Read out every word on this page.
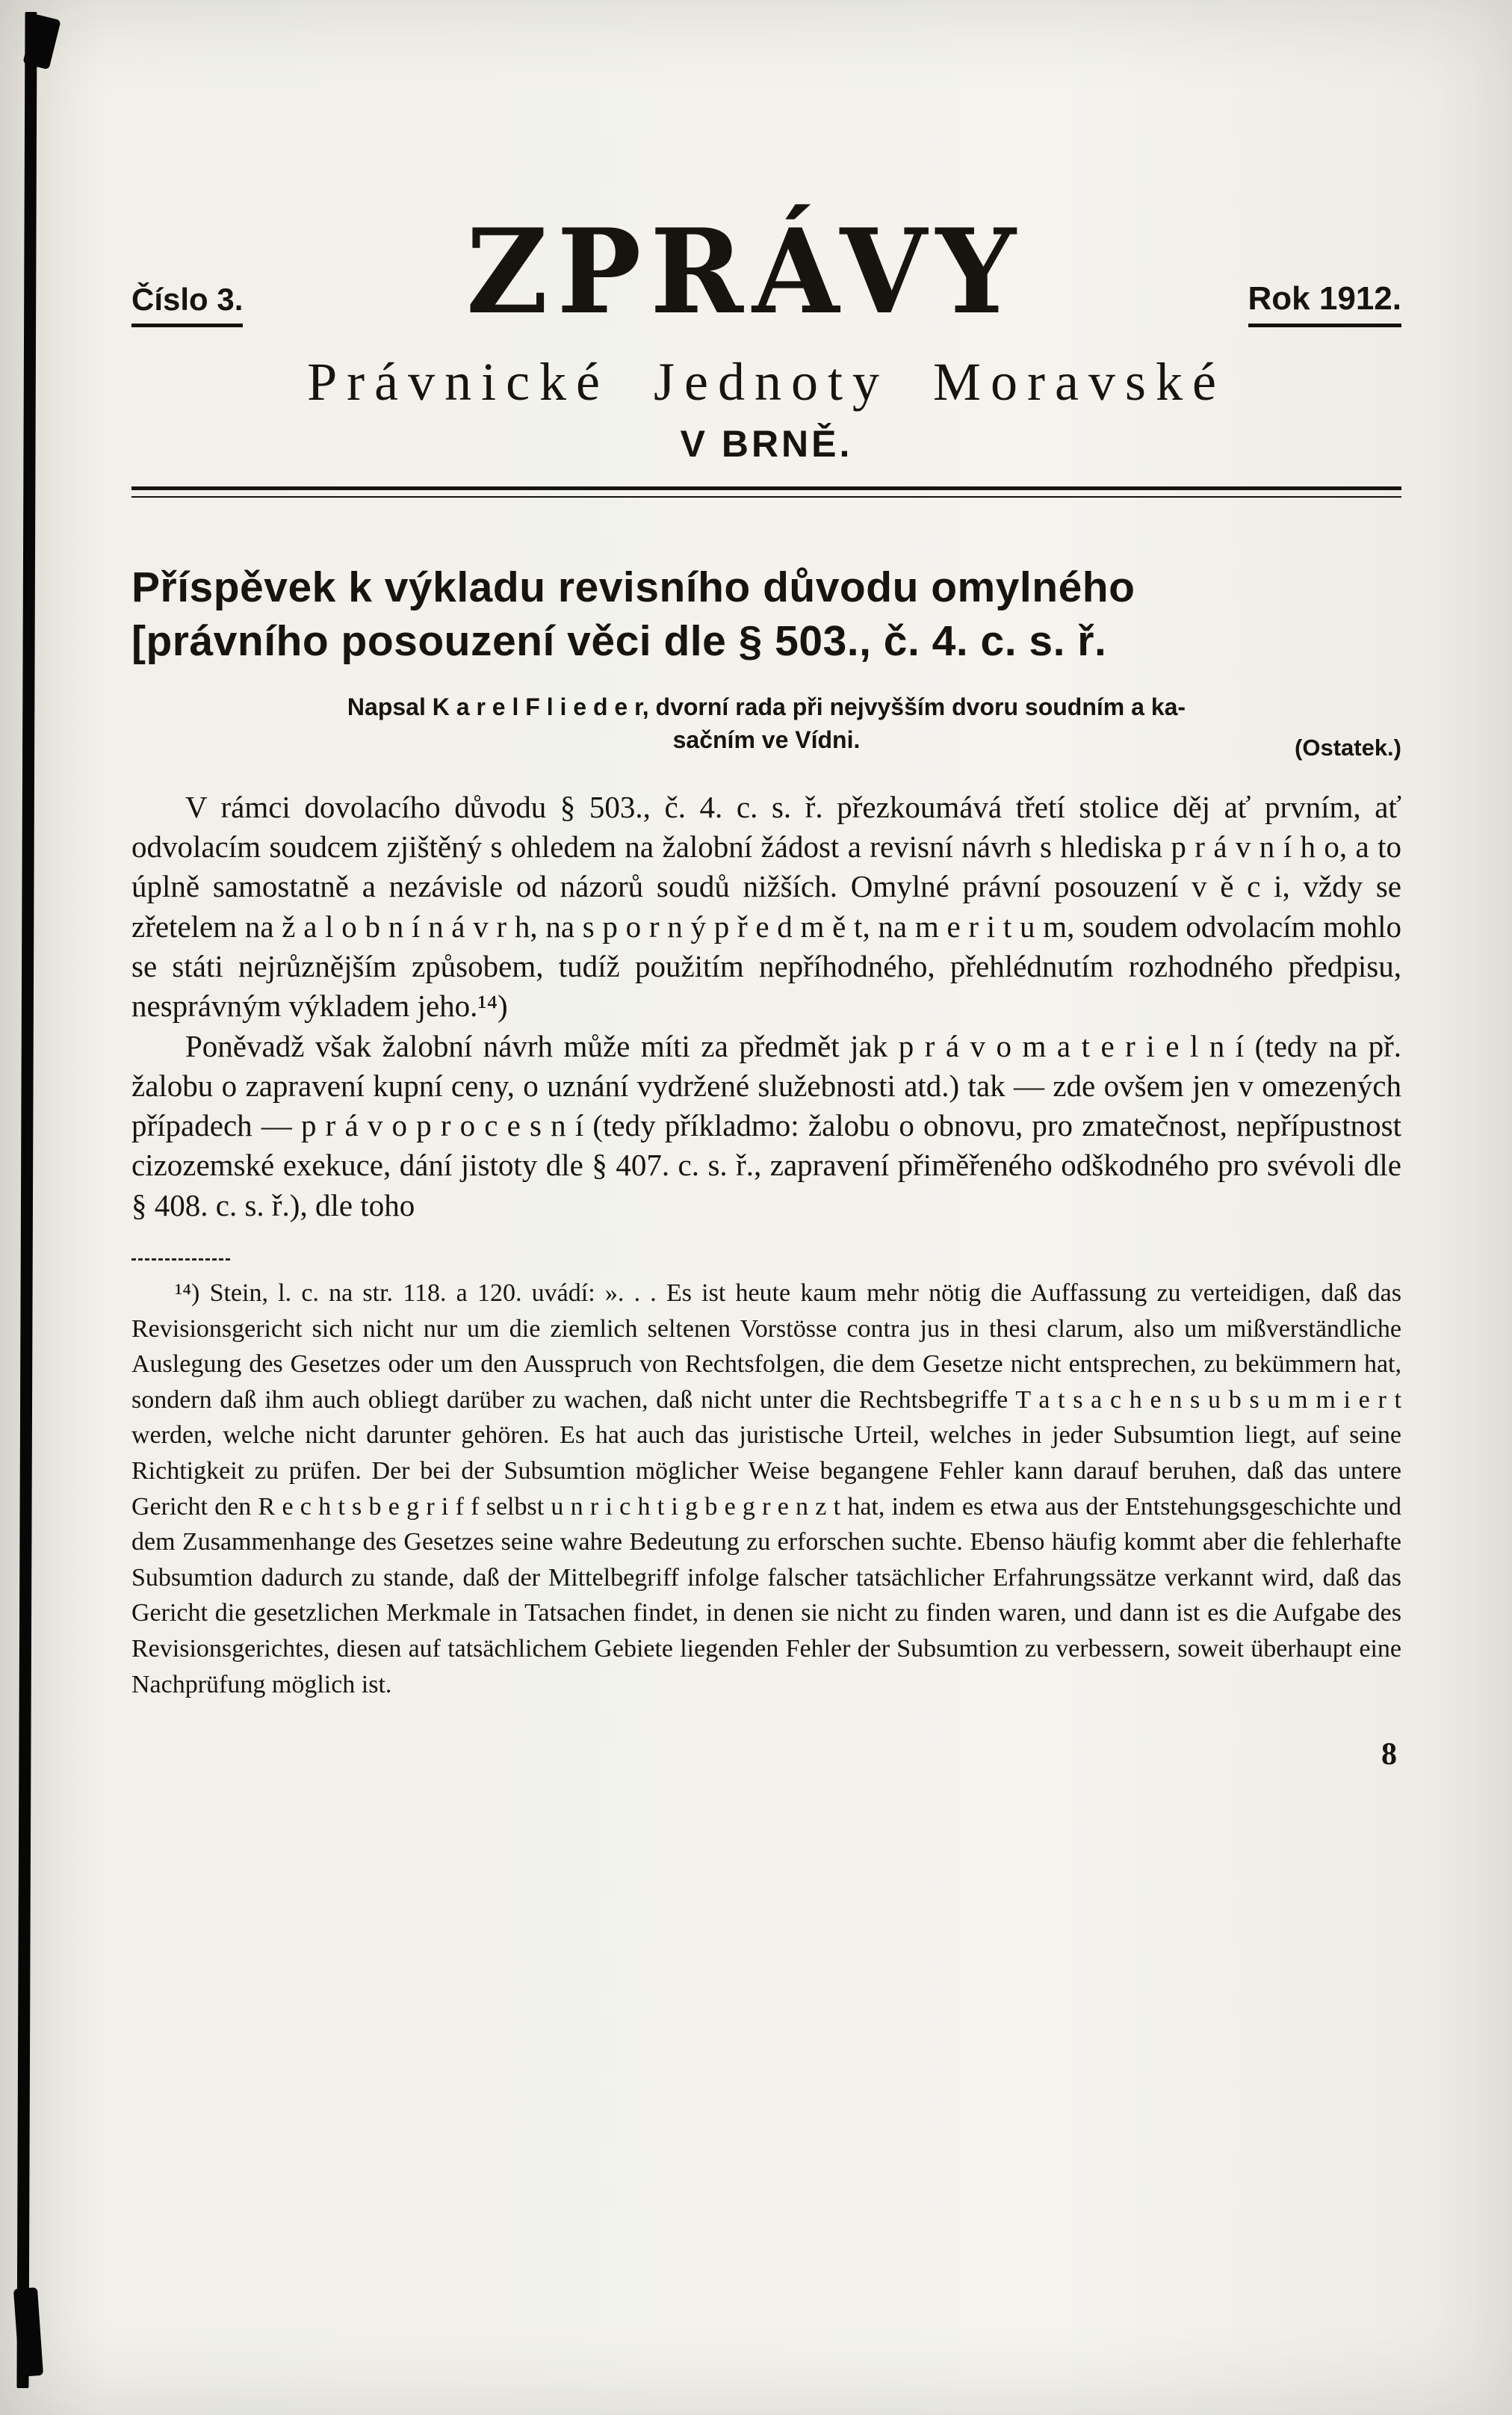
Číslo 3. ZPRÁVY	Rok 1912.
Právnické Jednoty Moravské
V BRNĚ.
Příspěvek k výkladu revisního důvodu omylného
[právního posouzení věci dle § 503., č. 4. c. s. ř.
Napsal K a r e l F l i e d e r, dvorní rada při nejvyšším dvoru soudním a ka-
sačním ve Vídni.	(Ostatek.)

V rámci dovolacího důvodu § 503., č. 4. c. s. ř. přezkoumává třetí stolice děj ať prvním, ať odvolacím soudcem zjištěný s ohledem na žalobní žádost a revisní návrh s hlediska p r á v n í h o, a to úplně samostatně a nezávisle od názorů soudů nižších. Omylné právní posouzení v ě c i, vždy se zřetelem na ž a l o b n í n á v r h, na s p o r n ý p ř e d m ě t, na m e r i t u m, soudem odvolacím mohlo se státi nejrůznějším způsobem, tudíž použitím nepříhodného, přehlédnutím rozhodného předpisu, nesprávným výkladem jeho.¹⁴)

Poněvadž však žalobní návrh může míti za předmět jak p r á v o m a t e r i e l n í (tedy na př. žalobu o zapravení kupní ceny, o uznání vydržené služebnosti atd.) tak — zde ovšem jen v omezených případech — p r á v o p r o c e s n í (tedy příkladmo: žalobu o obnovu, pro zmatečnost, nepřípustnost cizozemské exekuce, dání jistoty dle § 407. c. s. ř., zapravení přiměřeného odškodného pro svévoli dle § 408. c. s. ř.), dle toho

¹⁴) Stein, l. c. na str. 118. a 120. uvádí: ». . . Es ist heute kaum mehr nötig die Auffassung zu verteidigen, daß das Revisionsgericht sich nicht nur um die ziemlich seltenen Vorstösse contra jus in thesi clarum, also um mißverständliche Auslegung des Gesetzes oder um den Ausspruch von Rechtsfolgen, die dem Gesetze nicht entsprechen, zu bekümmern hat, sondern daß ihm auch obliegt darüber zu wachen, daß nicht unter die Rechtsbegriffe T a t s a c h e n s u b s u m m i e r t werden, welche nicht darunter gehören. Es hat auch das juristische Urteil, welches in jeder Subsumtion liegt, auf seine Richtigkeit zu prüfen. Der bei der Subsumtion möglicher Weise begangene Fehler kann darauf beruhen, daß das untere Gericht den R e c h t s b e g r i f f selbst u n r i c h t i g b e g r e n z t hat, indem es etwa aus der Entstehungsgeschichte und dem Zusammenhange des Gesetzes seine wahre Bedeutung zu erforschen suchte. Ebenso häufig kommt aber die fehlerhafte Subsumtion dadurch zu stande, daß der Mittelbegriff infolge falscher tatsächlicher Erfahrungssätze verkannt wird, daß das Gericht die gesetzlichen Merkmale in Tatsachen findet, in denen sie nicht zu finden waren, und dann ist es die Aufgabe des Revisionsgerichtes, diesen auf tatsächlichem Gebiete liegenden Fehler der Subsumtion zu verbessern, soweit überhaupt eine Nachprüfung möglich ist.

8
